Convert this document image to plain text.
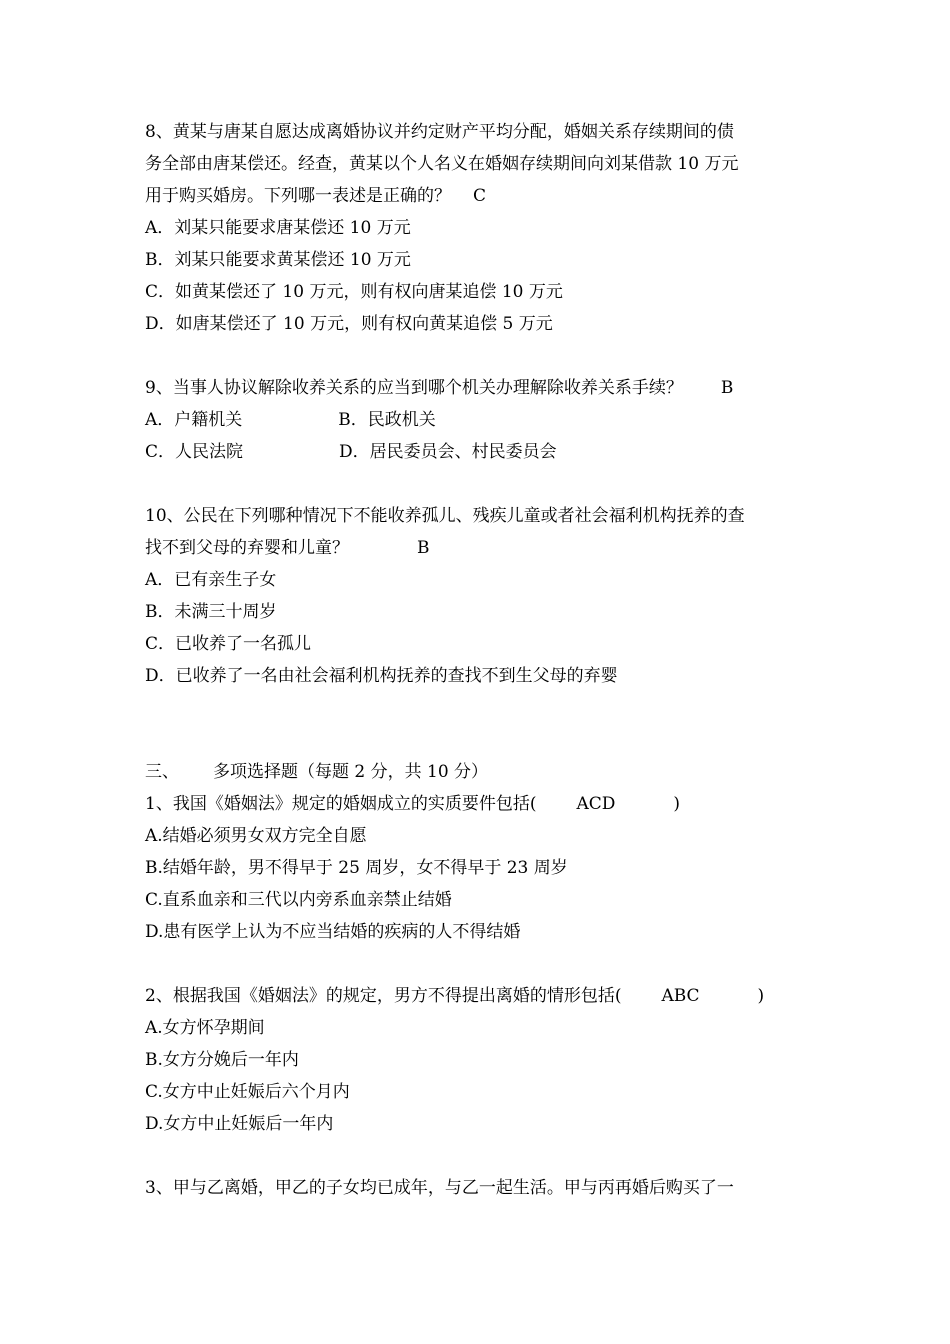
8、黄某与唐某自愿达成离婚协议并约定财产平均分配，婚姻关系存续期间的债
务全部由唐某偿还。经查，黄某以个人名义在婚姻存续期间向刘某借款 10 万元
用于购买婚房。下列哪一表述是正确的？ C
A．刘某只能要求唐某偿还 10 万元
B．刘某只能要求黄某偿还 10 万元
C．如黄某偿还了 10 万元，则有权向唐某追偿 10 万元
D．如唐某偿还了 10 万元，则有权向黄某追偿 5 万元
9、当事人协议解除收养关系的应当到哪个机关办理解除收养关系手续？ B
A．户籍机关	B．民政机关
C．人民法院	D．居民委员会、村民委员会
10、公民在下列哪种情况下不能收养孤儿、残疾儿童或者社会福利机构抚养的查
找不到父母的弃婴和儿童？	B
A．已有亲生子女
B．未满三十周岁
C．已收养了一名孤儿
D．已收养了一名由社会福利机构抚养的查找不到生父母的弃婴
三、 多项选择题（每题 2 分，共 10 分）
1、我国《婚姻法》规定的婚姻成立的实质要件包括( ACD	)
A.结婚必须男女双方完全自愿
B.结婚年龄，男不得早于 25 周岁，女不得早于 23 周岁
C.直系血亲和三代以内旁系血亲禁止结婚
D.患有医学上认为不应当结婚的疾病的人不得结婚
2、根据我国《婚姻法》的规定，男方不得提出离婚的情形包括( ABC	)
A.女方怀孕期间
B.女方分娩后一年内
C.女方中止妊娠后六个月内
D.女方中止妊娠后一年内
3、甲与乙离婚，甲乙的子女均已成年，与乙一起生活。甲与丙再婚后购买了一
